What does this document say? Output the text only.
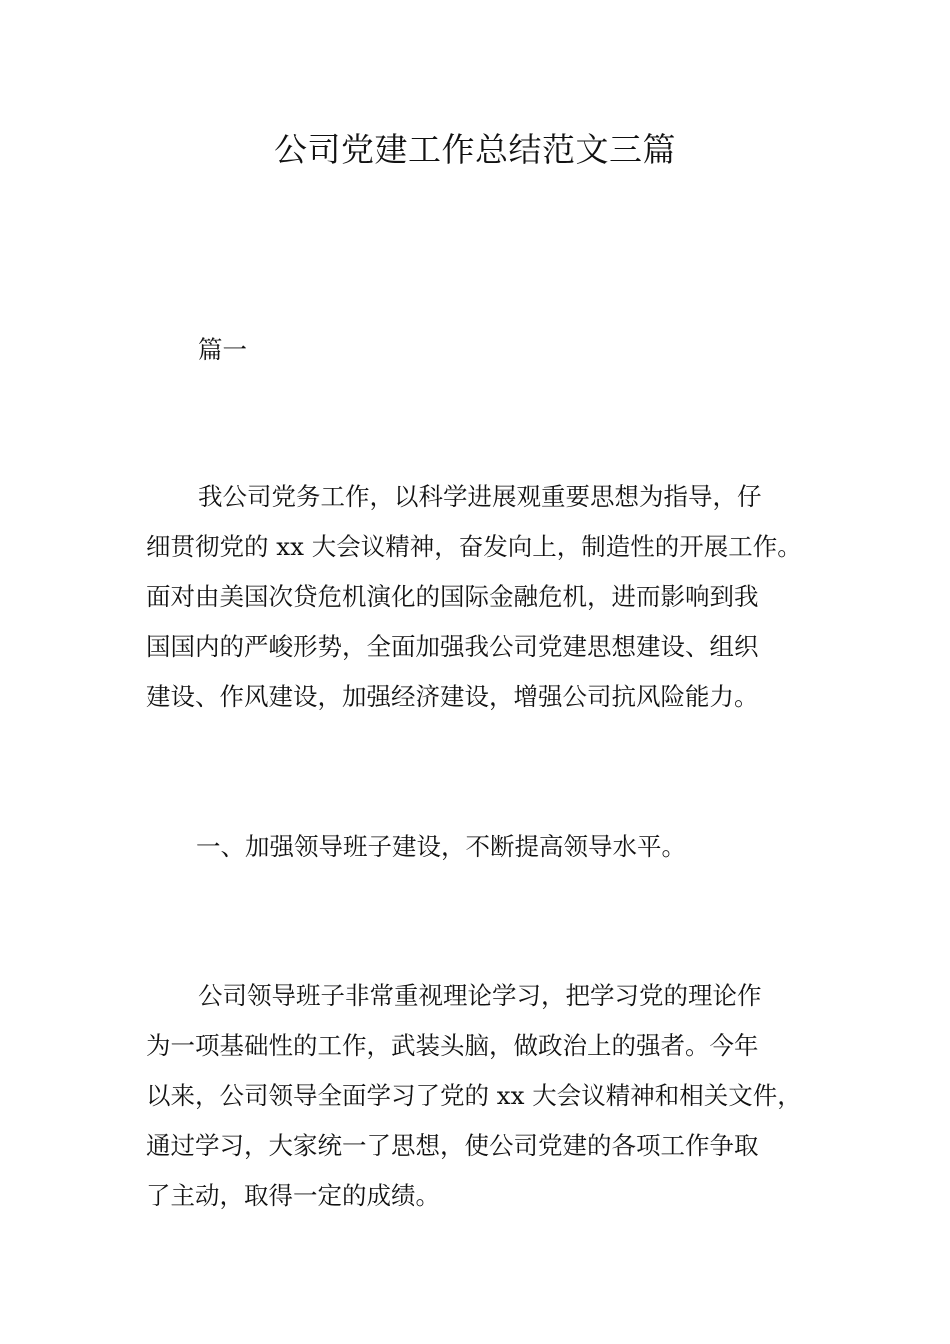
公司党建工作总结范文三篇
篇一
我公司党务工作，以科学进展观重要思想为指导，仔
细贯彻党的 xx 大会议精神，奋发向上，制造性的开展工作。
面对由美国次贷危机演化的国际金融危机，进而影响到我
国国内的严峻形势，全面加强我公司党建思想建设、组织
建设、作风建设，加强经济建设，增强公司抗风险能力。
一、加强领导班子建设，不断提高领导水平。
公司领导班子非常重视理论学习，把学习党的理论作
为一项基础性的工作，武装头脑，做政治上的强者。今年
以来，公司领导全面学习了党的 xx 大会议精神和相关文件，
通过学习，大家统一了思想，使公司党建的各项工作争取
了主动，取得一定的成绩。
